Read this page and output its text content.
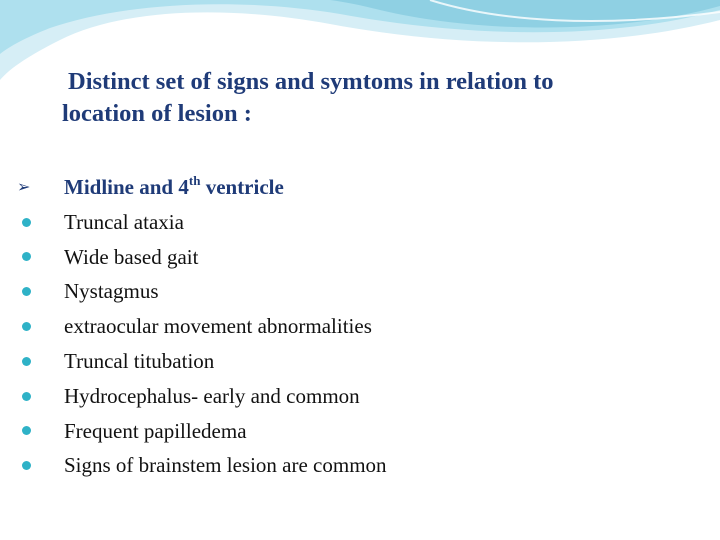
Distinct set of signs and symtoms in relation to
location of lesion :
➢ Midline and 4th ventricle
Truncal ataxia
Wide based gait
Nystagmus
extraocular movement abnormalities
Truncal titubation
Hydrocephalus- early and common
Frequent papilledema
Signs of brainstem lesion are common
